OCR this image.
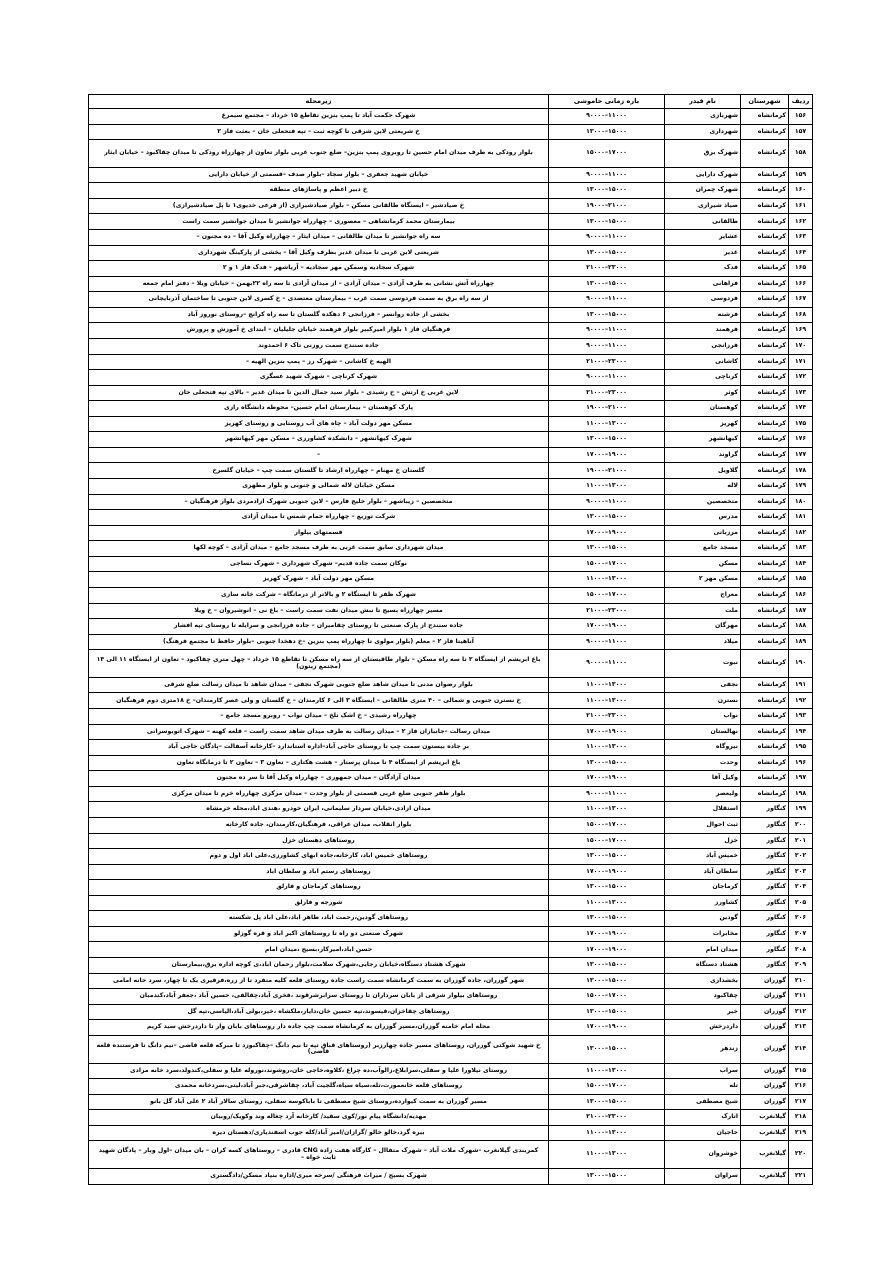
ردیف	شهرستان	نام فیدر	بازه زمانی خاموشی	زیرمحله
۱۵۶	کرمانشاه	شهربازی	۹۰۰۰۰–۱۱۰۰۰	شهرک حکمت آباد تا پمپ بنزین تقاطع ۱۵ خرداد – مجتمع سیمرغ
۱۵۷	کرمانشاه	شهرداری	۱۳۰۰۰–۱۵۰۰۰	خ شریعتی لاین شرقی تا کوچه ثبت – تپه فتحعلی خان – بعثت فاز ۲
۱۵۸	کرمانشاه	شهرک برق	۱۵۰۰۰–۱۷۰۰۰	بلوار رودکی به طرف میدان امام حسین تا روبروی پمپ بنزین– ضلع جنوب غربی بلوار تعاون از چهارراه رودکی تا میدان چقاکبود – خیابان ایثار
۱۵۹	کرمانشاه	شهرک دارایی	۹۰۰۰۰–۱۱۰۰۰	خیابان شهید جعفری – بلوار سجاد –بلوار صدف –قسمتی از خیابان دارایی
۱۶۰	کرمانشاه	شهرک چمران	۱۳۰۰۰–۱۵۰۰۰	خ دبیر اعظم و پاساژهای منطقه
۱۶۱	کرمانشاه	صیاد شیرازی	۱۹۰۰۰–۲۱۰۰۰	خ صیادشیر – ایستگاه طالقانی مسکن – بلوار صیادشیرازی (از فرعی خدیوی۱ تا پل صیادشیرازی)
۱۶۲	کرمانشاه	طالقانی	۱۳۰۰۰–۱۵۰۰۰	بیمارستان محمد کرمانشاهی – معصوری – چهارراه جوانشیر تا میدان جوانشیر سمت راست
۱۶۳	کرمانشاه	عشایر	۹۰۰۰۰–۱۱۰۰۰	سه راه جوانشیر تا میدان طالقانی – میدان ایثار – چهارراه وکیل آقا – ده مجنون –
۱۶۴	کرمانشاه	غدیر	۱۳۰۰۰–۱۵۰۰۰	شریعتی لاین غربی تا میدان غدیر بطرف وکیل آقا – بخشی از پارکینگ شهرداری
۱۶۵	کرمانشاه	فدک	۲۱۰۰۰–۲۳۰۰۰	شهرک سجادیه وسمکن مهر سجادیه – آریاشهر – فدک فاز ۱ و ۲
۱۶۶	کرمانشاه	فراهانی	۱۳۰۰۰–۱۵۰۰۰	چهارراه آتش نشانی به طرف آزادی – میدان آزادی – از میدان آزادی تا سه راه ۲۲بهمن – خیابان ویلا – دفتر امام جمعه
۱۶۷	کرمانشاه	فردوسی	۹۰۰۰۰–۱۱۰۰۰	از سه راه برق به سمت فردوسی سمت غرب – بیمارستان معتضدی – خ کسری لاین جنوبی تا ساختمان آذربایجانی
۱۶۸	کرمانشاه	فرشته	۱۳۰۰۰–۱۵۰۰۰	بخشی از جاده روانسر – فرزانجی ۶ دهکده گلستان تا سه راه کرانچ –روستای نوروز آباد
۱۶۹	کرمانشاه	فرهمند	۹۰۰۰۰–۱۱۰۰۰	فرهنگیان فاز ۱ بلوار امیرکبیر بلوار فرهمند خیابان جلیلیان – ابتدای خ آموزش و پرورش
۱۷۰	کرمانشاه	فرزانجی	۹۰۰۰۰–۱۱۰۰۰	جاده سنندج سمت روزنی تاک ۶ احمدوند
۱۷۱	کرمانشاه	کاشانی	۲۱۰۰۰–۲۳۰۰۰	الهیه خ کاشانی – شهرک رز – پمپ بنزین الهیه –
۱۷۲	کرمانشاه	کرناچی	۹۰۰۰۰–۱۱۰۰۰	شهرک کرناچی – شهرک شهید عسگری
۱۷۳	کرمانشاه	کوثر	۲۱۰۰۰–۲۳۰۰۰	لاین غربی خ ارتش – خ رشیدی – بلوار سید جمال الدین تا میدان غدیر – بالای تپه فتحعلی خان
۱۷۴	کرمانشاه	کوهستان	۱۹۰۰۰–۲۱۰۰۰	پارک کوهستان – بیمارستان امام حسین– محوطه دانشگاه رازی
۱۷۵	کرمانشاه	کهریز	۱۱۰۰۰–۱۳۰۰۰	مسکن مهر دولت آباد – چاه های آب روستایی و روستای کهریز
۱۷۶	کرمانشاه	کیهانشهر	۱۳۰۰۰–۱۵۰۰۰	شهرک کیهانشهر – دانشکده کشاورزی – مسکن مهر کیهانشهر
۱۷۷	کرمانشاه	گراوند	۱۷۰۰۰–۱۹۰۰۰	–
۱۷۸	کرمانشاه	گلاویل	۱۹۰۰۰–۲۱۰۰۰	گلستان خ مهنام – چهارراه ارشاد تا گلستان سمت چپ – خیابان گلسرخ
۱۷۹	کرمانشاه	لاله	۱۱۰۰۰–۱۳۰۰۰	مسکن خیابان لاله شمالی و جنوبی و بلوار مطهری
۱۸۰	کرمانشاه	متخصصین	۹۰۰۰۰–۱۱۰۰۰	متخصصین – زیباشهر – بلوار خلیج فارس – لاین جنوبی شهرک ازادمردی بلوار فرهنگیان –
۱۸۱	کرمانشاه	مدرس	۱۳۰۰۰–۱۵۰۰۰	شرکت توزیع – چهارراه حمام شمس تا میدان آزادی
۱۸۲	کرمانشاه	مرزبانی	۱۷۰۰۰–۱۹۰۰۰	قسمتهای بیلوار
۱۸۳	کرمانشاه	مسجد جامع	۱۳۰۰۰–۱۵۰۰۰	میدان شهرداری سابق سمت غربی به طرف مسجد جامع – میدان آزادی – کوچه لکها
۱۸۴	کرمانشاه	مسکن	۱۵۰۰۰–۱۷۰۰۰	نوکان سمت جاده قدیم– شهرک شهرداری – شهرک نساجی
۱۸۵	کرمانشاه	مسکن مهر ۲	۱۱۰۰۰–۱۳۰۰۰	مسکن مهر دولت آباد – شهرک کهریز
۱۸۶	کرمانشاه	معراج	۱۵۰۰۰–۱۷۰۰۰	شهرک ظفر تا ایستگاه ۲ و بالاتر از درمانگاه – شرکت خانه سازی
۱۸۷	کرمانشاه	ملت	۲۱۰۰۰–۲۳۰۰۰	مسیر چهارراه بسیج تا نبش میدان نفت سمت راست – باغ نی – انوشیروان – خ ویلا
۱۸۸	کرمانشاه	مهرگان	۱۷۰۰۰–۱۹۰۰۰	جاده سنندج از پارک صنعتی تا روستای چقامیران – جاده فرزانجی و سرایله تا روستای تپه افشار
۱۸۹	کرمانشاه	میلاد	۹۰۰۰۰–۱۱۰۰۰	آناهیتا فاز ۲ – معلم (بلوار مولوی تا چهارراه پمپ بنزین –خ دهخدا جنوبی –بلوار حافظ تا مجتمع فرهنگ)
۱۹۰	کرمانشاه	نبوت	۹۰۰۰۰–۱۱۰۰۰	باغ ابریشم از ایستگاه ۲ تا سه راه مسکن – بلوار طاقبستان از سه راه مسکن تا تقاطع ۱۵ خرداد – چهل متری چقاکبود – تعاون از ایستگاه ۱۱ الی ۱۴ (مجتمع زیتون)
۱۹۱	کرمانشاه	نجفی	۱۱۰۰۰–۱۳۰۰۰	بلوار رضوان مدنی تا میدان شاهد ضلع جنوبی شهرک نجفی – میدان شاهد تا میدان رسالت ضلع شرقی
۱۹۲	کرمانشاه	نسترن	۱۱۰۰۰–۱۳۰۰۰	خ نسترن جنوبی و شمالی – ۴۰ متری طالقانی – ایستگاه ۳ الی ۶ کارمندان – خ گلستان و ولی عصر کارمندان– خ ۱۸متری دوم فرهنگیان
۱۹۳	کرمانشاه	نواب	۲۱۰۰۰–۲۳۰۰۰	چهارراه رشیدی – خ اشک تلخ – میدان نواب – روبرو مسجد جامع –
۱۹۴	کرمانشاه	نهالستان	۱۷۰۰۰–۱۹۰۰۰	میدان رسالت –جانبازان فاز ۲ – میدان رسالت به طرف میدان شاهد سمت راست – قلعه کهنه – شهرک اتوبوسرانی
۱۹۵	کرمانشاه	نیروگاه	۱۱۰۰۰–۱۳۰۰۰	بر جاده بیستون سمت چپ تا روستای حاجی آباد–اداره استاندارد –کارخانه آسفالت –پادگان حاجی آباد
۱۹۶	کرمانشاه	وحدت	۱۳۰۰۰–۱۵۰۰۰	باغ ابریشم از ایستگاه ۴ تا میدان پرستار – هشت هکتاری – تعاون ۳ – تعاون ۲ تا درمانگاه تعاون
۱۹۷	کرمانشاه	وکیل آقا	۱۷۰۰۰–۱۹۰۰۰	میدان آزادگان – میدان جمهوری – چهارراه وکیل آقا تا سر ده مجنون
۱۹۸	کرمانشاه	ولیعصر	۹۰۰۰۰–۱۱۰۰۰	بلوار ظفر جنوبی ضلع غربی قسمتی از بلوار وحدت – میدان مرکزی چهارراه خرم تا میدان مرکزی
۱۹۹	کنگاور	استقلال	۱۱۰۰۰–۱۳۰۰۰	میدان ازادی،خیابان سردار سلیمانی، ایران خودرو ،هندی اباد،محله خرمشاه
۲۰۰	کنگاور	ثبت احوال	۱۵۰۰۰–۱۷۰۰۰	بلوار انقلاب، میدان عراقی، فرهنگیان،کارمندان، جاده کارخانه
۲۰۱	کنگاور	خزل	۱۵۰۰۰–۱۷۰۰۰	روستاهای دهستان خزل
۲۰۲	کنگاور	خمیس آباد	۱۳۰۰۰–۱۵۰۰۰	روستاهای خمیس اباد، کارخانه،جاده ابهای کشاورزی،علی اباد اول و دوم
۲۰۳	کنگاور	سلطان آباد	۱۷۰۰۰–۱۹۰۰۰	روستاهای رستم اباد و سلطان اباد
۲۰۴	کنگاور	کرماجان	۱۳۰۰۰–۱۵۰۰۰	روستاهای کرماجان و فارلق
۲۰۵	کنگاور	کشاورز	۱۱۰۰۰–۱۳۰۰۰	شورجه و فارلق
۲۰۶	کنگاور	گودین	۱۳۰۰۰–۱۵۰۰۰	روستاهای گودین،رحمت اباد، طاهر اباد،علی اباد پل شکسته
۲۰۷	کنگاور	مخابرات	۱۷۰۰۰–۱۹۰۰۰	شهرک صنعتی دو راه تا روستاهای اکبر اباد و قره گوزلو
۲۰۸	کنگاور	میدان امام	۱۷۰۰۰–۱۹۰۰۰	حسن اباد،امیرکار،بسیج ،میدان امام
۲۰۹	کنگاور	هشتاد دستگاه	۱۳۰۰۰–۱۵۰۰۰	شهرک هشتاد دستگاه،خیابان رجایی،شهرک سلامت،بلوار رحمان اباد،ی کوچه اداره برق،بیمارستان
۲۱۰	گوزران	بخشداری	۱۳۰۰۰–۱۵۰۰۰	شهر گوزران، جاده گوزران به سمت کرمانشاه سمت راست جاده روستای قلعه کلیه منفرد تا از زره،فرقیری یک تا چهار، سرد خانه امامی
۲۱۱	گوزران	چقاکبود	۱۵۰۰۰–۱۷۰۰۰	روستاهای بیلوار شرقی از بابان سرداران تا روستای سرابرشرقوند ،فخری آباد،چقالفی، حسین آباد ،جعفر آباد،کندمبان
۲۱۲	گوزران	خیر	۱۳۰۰۰–۱۵۰۰۰	روستاهای چقاخزان،قیسوند،تپه حسین خان،دایار،ملکشاه ،خیر،بولی آباد،الیاسی،تپه گل
۲۱۳	گوزران	داردرخش	۱۷۰۰۰–۱۹۰۰۰	محله امام خامنه گوزران،مسیر گوزران به کرمانشاه سمت چپ جاده دار روستاهای بابان وار تا داردرخش سید کریم
۲۱۴	گوزران	زندهر	۱۳۰۰۰–۱۵۰۰۰	خ شهید شوکتی گوزران، روستاهای مسیر جاده چهارزبر (روستاهای قباق تپه تا نیم دانگ –چقاکبوزد تا مبرکه قلعه قاضی –نیم دانگ تا فرستنده قلعه قاضی)
۲۱۵	گوزران	سراب	۱۱۰۰۰–۱۳۰۰۰	روستای نیلاورا علیا و سفلی،سرابلاغ،زالوآب،ده چراغ ،کلاوه،حاجی خان،روشوند،نوروله علیا و سفلی،کندولد،سرد خانه مرادی
۲۱۶	گوزران	تله	۱۵۰۰۰–۱۷۰۰۰	روستاهای قلعه خانعمورت،تله،سیاه سیاه،گلجیت آباد، چقاشرقی،جبر آباد،لیتی،سردخانه محمدی
۲۱۷	گوزران	شیخ مصطفی	۱۳۰۰۰–۱۵۰۰۰	مسیر گوزران به سمت کیوارده،روستای شیخ مصطفی تا باباکوسه سفلی، روستای سالار آباد ۲ علی آباد گل بانو
۲۱۸	گیلانغرب	اتارک	۲۱۰۰۰–۲۳۰۰۰	مهدیه/دانشگاه پیام نور/کوی سفید/ کارخانه آرد چغاله وند وکویک/روبیان
۲۱۹	گیلانغرب	حاجیان	۱۱۰۰۰–۱۳۰۰۰	بیره گرد،خالو خالو /گرازان/امیر آباد/کله جوب اسفندیاری/دهستان دیره
۲۲۰	گیلانغرب	خوشروان	۱۱۰۰۰–۱۳۰۰۰	کمربندی گیلانغرب –شهرک ملات آباد – شهرک متفاال – کارگاه هفت زاده CNG قادری – روستاهای کسه کران – بان میدان –اول وبار – پادگان شهید ثابت خواه –
۲۲۱	گیلانغرب	سراوان	۱۳۰۰۰–۱۵۰۰۰	شهرک بسیج / میراث فرهنگی /سرخه میری/اداره بنیاد مسکن/دادگستری
